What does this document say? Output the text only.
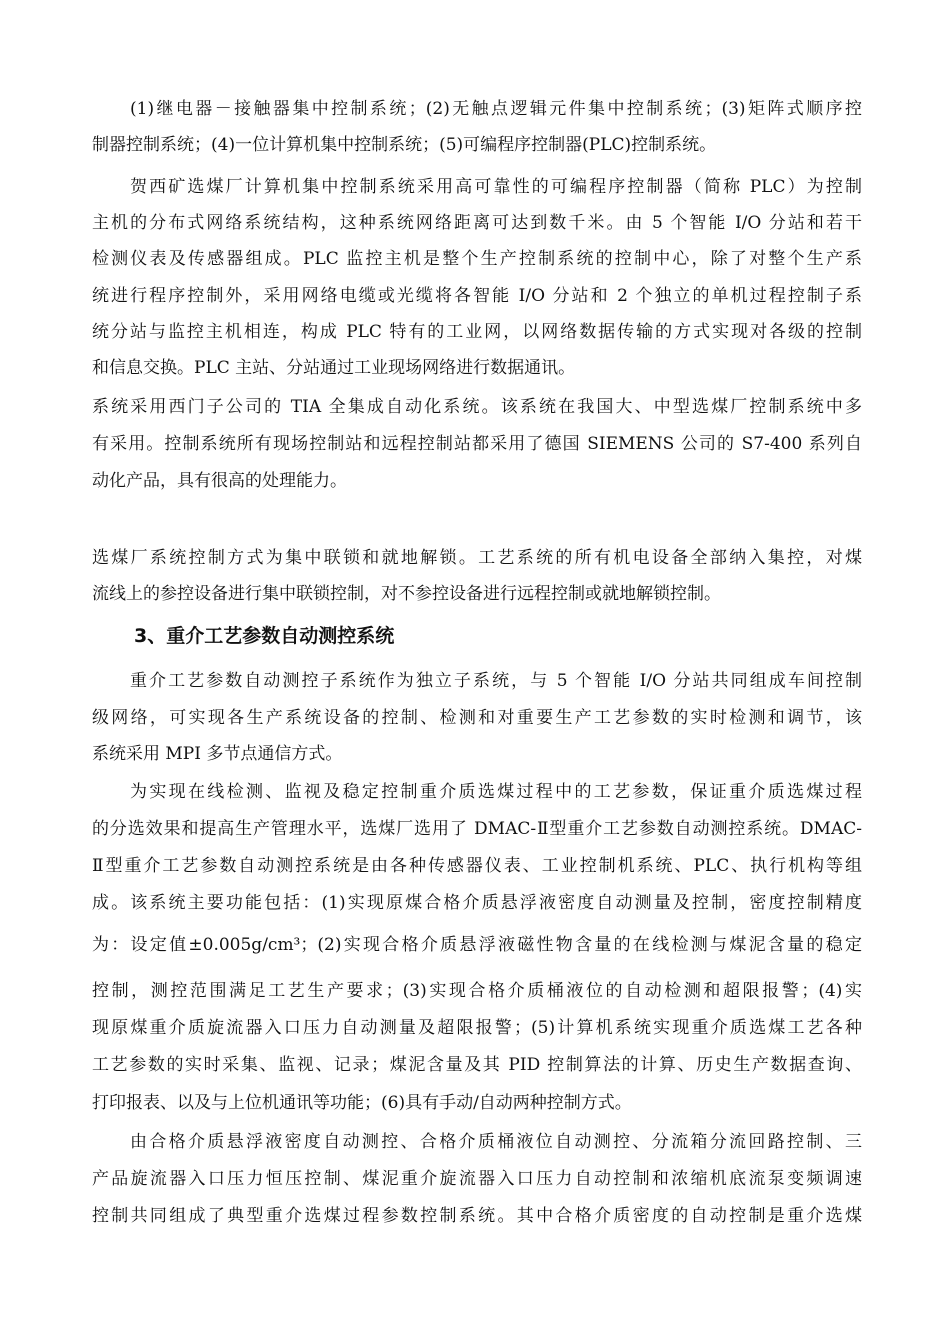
(1)继电器－接触器集中控制系统；(2)无触点逻辑元件集中控制系统；(3)矩阵式顺序控
制器控制系统；(4)一位计算机集中控制系统；(5)可编程序控制器(PLC)控制系统。
贺西矿选煤厂计算机集中控制系统采用高可靠性的可编程序控制器（简称 PLC）为控制
主机的分布式网络系统结构，这种系统网络距离可达到数千米。由 5 个智能 I/O 分站和若干
检测仪表及传感器组成。PLC 监控主机是整个生产控制系统的控制中心，除了对整个生产系
统进行程序控制外，采用网络电缆或光缆将各智能 I/O 分站和 2 个独立的单机过程控制子系
统分站与监控主机相连，构成 PLC 特有的工业网，以网络数据传输的方式实现对各级的控制
和信息交换。PLC 主站、分站通过工业现场网络进行数据通讯。
系统采用西门子公司的 TIA 全集成自动化系统。该系统在我国大、中型选煤厂控制系统中多
有采用。控制系统所有现场控制站和远程控制站都采用了德国 SIEMENS 公司的 S7-400 系列自
动化产品，具有很高的处理能力。
选煤厂系统控制方式为集中联锁和就地解锁。工艺系统的所有机电设备全部纳入集控，对煤
流线上的参控设备进行集中联锁控制，对不参控设备进行远程控制或就地解锁控制。
3、重介工艺参数自动测控系统
重介工艺参数自动测控子系统作为独立子系统，与 5 个智能 I/O 分站共同组成车间控制
级网络，可实现各生产系统设备的控制、检测和对重要生产工艺参数的实时检测和调节，该
系统采用 MPI 多节点通信方式。
为实现在线检测、监视及稳定控制重介质选煤过程中的工艺参数，保证重介质选煤过程
的分选效果和提高生产管理水平，选煤厂选用了 DMAC-Ⅱ型重介工艺参数自动测控系统。DMAC-
Ⅱ型重介工艺参数自动测控系统是由各种传感器仪表、工业控制机系统、PLC、执行机构等组
成。该系统主要功能包括：(1)实现原煤合格介质悬浮液密度自动测量及控制，密度控制精度
为：设定值±0.005g/cm³；(2)实现合格介质悬浮液磁性物含量的在线检测与煤泥含量的稳定
控制，测控范围满足工艺生产要求；(3)实现合格介质桶液位的自动检测和超限报警；(4)实
现原煤重介质旋流器入口压力自动测量及超限报警；(5)计算机系统实现重介质选煤工艺各种
工艺参数的实时采集、监视、记录；煤泥含量及其 PID 控制算法的计算、历史生产数据查询、
打印报表、以及与上位机通讯等功能；(6)具有手动/自动两种控制方式。
由合格介质悬浮液密度自动测控、合格介质桶液位自动测控、分流箱分流回路控制、三
产品旋流器入口压力恒压控制、煤泥重介旋流器入口压力自动控制和浓缩机底流泵变频调速
控制共同组成了典型重介选煤过程参数控制系统。其中合格介质密度的自动控制是重介选煤
